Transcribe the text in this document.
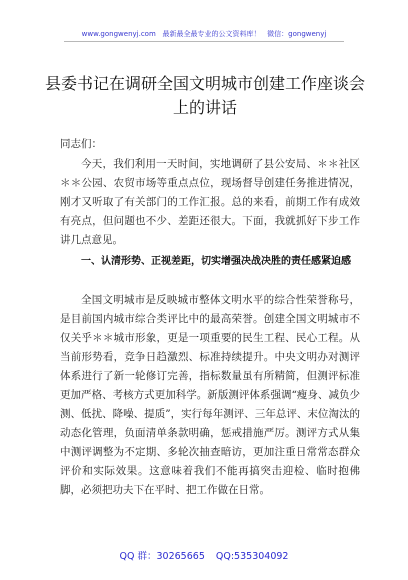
www.gongwenyj.com 最新最全最专业的公文资料库！ 微信：gongwenyj
县委书记在调研全国文明城市创建工作座谈会上的讲话
同志们：
今天，我们利用一天时间，实地调研了县公安局、＊＊社区＊＊公园、农贸市场等重点点位，现场督导创建任务推进情况，刚才又听取了有关部门的工作汇报。总的来看，前期工作有成效有亮点，但问题也不少、差距还很大。下面，我就抓好下步工作讲几点意见。
一、认清形势、正视差距，切实增强决战决胜的责任感紧迫感
全国文明城市是反映城市整体文明水平的综合性荣誉称号，是目前国内城市综合类评比中的最高荣誉。创建全国文明城市不仅关乎＊＊城市形象，更是一项重要的民生工程、民心工程。从当前形势看，竞争日趋激烈、标准持续提升。中央文明办对测评体系进行了新一轮修订完善，指标数量虽有所精简，但测评标准更加严格、考核方式更加科学。新版测评体系强调“瘦身、减负少测、低扰、降噪、提质”，实行每年测评、三年总评、末位淘汰的动态化管理，负面清单条款明确，惩戒措施严厉。测评方式从集中测评调整为不定期、多轮次抽查暗访，更加注重日常常态群众评价和实际效果。这意味着我们不能再搞突击迎检、临时抱佛脚，必须把功夫下在平时、把工作做在日常。
QQ 群：30265665 QQ:535304092
